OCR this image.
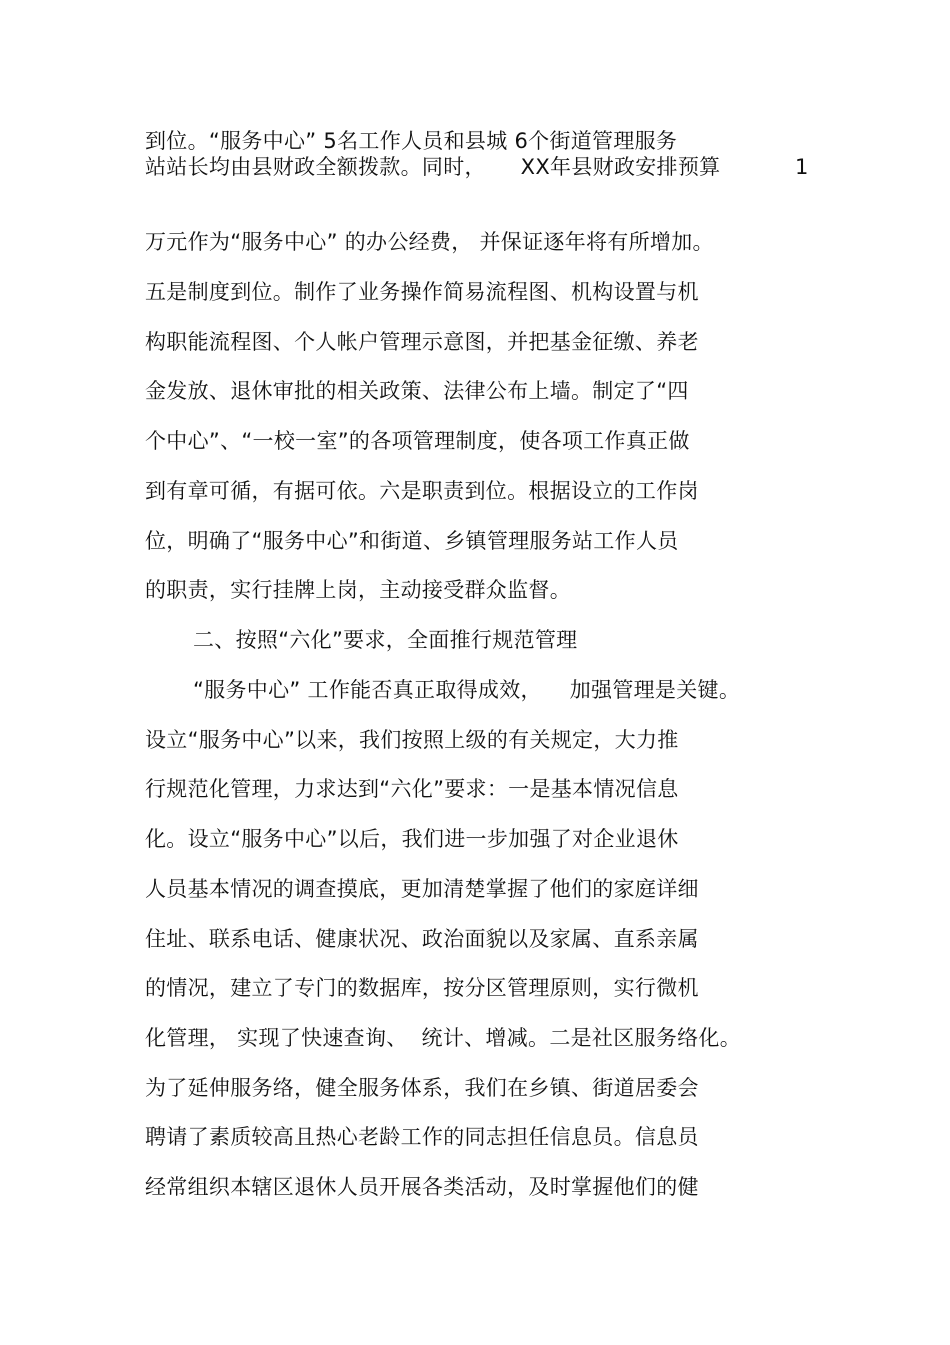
到位。“服务中心” 5名工作人员和县城 6个街道管理服务

站站长均由县财政全额拨款。同时，     XX年县财政安排预算	1

万元作为“服务中心” 的办公经费， 并保证逐年将有所增加。

五是制度到位。制作了业务操作简易流程图、机构设置与机

构职能流程图、个人帐户管理示意图，并把基金征缴、养老

金发放、退休审批的相关政策、法律公布上墙。制定了“四

个中心”、“一校一室”的各项管理制度，使各项工作真正做

到有章可循，有据可依。六是职责到位。根据设立的工作岗

位，明确了“服务中心”和街道、乡镇管理服务站工作人员

的职责，实行挂牌上岗，主动接受群众监督。

二、按照“六化”要求，全面推行规范管理

“服务中心” 工作能否真正取得成效，    加强管理是关键。

设立“服务中心”以来，我们按照上级的有关规定，大力推

行规范化管理，力求达到“六化”要求：一是基本情况信息

化。设立“服务中心”以后，我们进一步加强了对企业退休

人员基本情况的调查摸底，更加清楚掌握了他们的家庭详细

住址、联系电话、健康状况、政治面貌以及家属、直系亲属

的情况，建立了专门的数据库，按分区管理原则，实行微机

化管理， 实现了快速查询、  统计、增减。二是社区服务络化。

为了延伸服务络，健全服务体系，我们在乡镇、街道居委会

聘请了素质较高且热心老龄工作的同志担任信息员。信息员

经常组织本辖区退休人员开展各类活动，及时掌握他们的健
